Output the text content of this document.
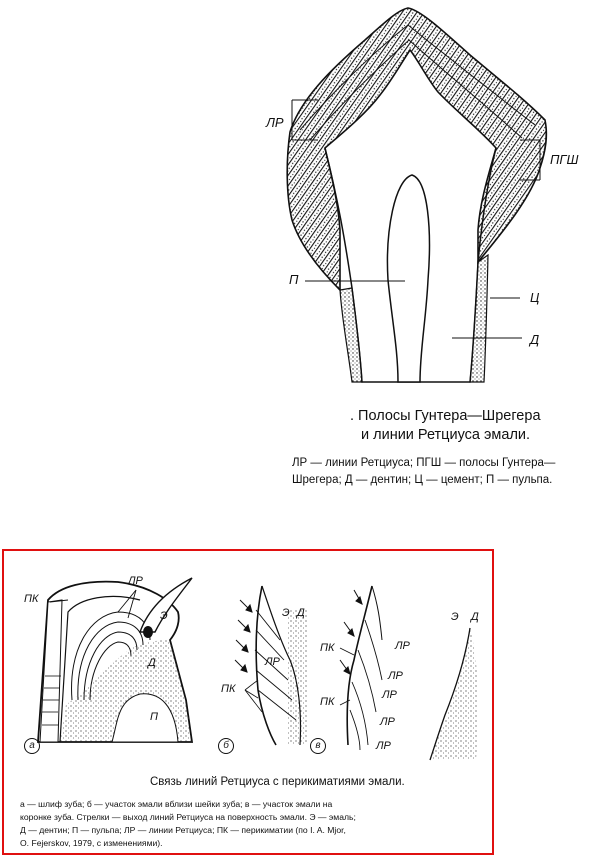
ЛР
ПГШ
П
Ц
Д
. Полосы Гунтера—Шрегера
и линии Ретциуса эмали.
ЛР — линии Ретциуса; ПГШ — полосы Гунтера—Шрегера; Д — дентин; Ц — цемент; П — пульпа.
ПК
ЛР
Э
Д
П
а
Э Д
ЛР
ПК
б
ПК
ПК
ЛР
ЛР
ЛР
ЛР
ЛР
в
Э Д
Связь линий Ретциуса с перикиматиями эмали.
а — шлиф зуба; б — участок эмали вблизи шейки зуба; в — участок эмали на
коронке зуба. Стрелки — выход линий Ретциуса на поверхность эмали. Э — эмаль;
Д — дентин; П — пульпа; ЛР — линии Ретциуса; ПК — перикиматии (по I. A. Mjor,
O. Fejerskov, 1979, с изменениями).
